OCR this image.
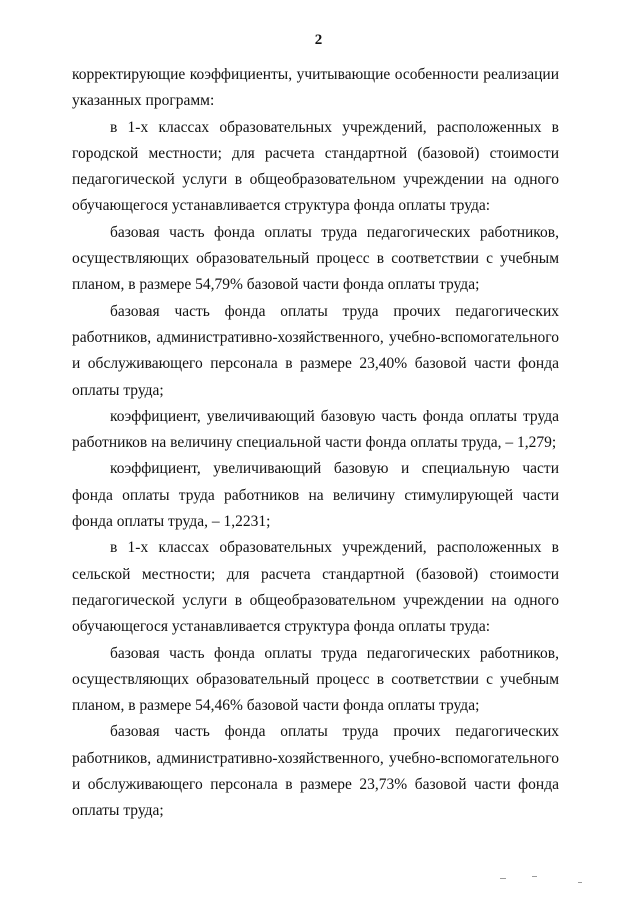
2

корректирующие коэффициенты, учитывающие особенности реализации указанных программ:

в 1-х классах образовательных учреждений, расположенных в городской местности; для расчета стандартной (базовой) стоимости педагогической услуги в общеобразовательном учреждении на одного обучающегося устанавливается структура фонда оплаты труда:

базовая часть фонда оплаты труда педагогических работников, осуществляющих образовательный процесс в соответствии с учебным планом, в размере 54,79% базовой части фонда оплаты труда;

базовая часть фонда оплаты труда прочих педагогических работников, административно-хозяйственного, учебно-вспомогательного и обслуживающего персонала в размере 23,40% базовой части фонда оплаты труда;

коэффициент, увеличивающий базовую часть фонда оплаты труда работников на величину специальной части фонда оплаты труда, – 1,279;

коэффициент, увеличивающий базовую и специальную части фонда оплаты труда работников на величину стимулирующей части фонда оплаты труда, – 1,2231;

в 1-х классах образовательных учреждений, расположенных в сельской местности; для расчета стандартной (базовой) стоимости педагогической услуги в общеобразовательном учреждении на одного обучающегося устанавливается структура фонда оплаты труда:

базовая часть фонда оплаты труда педагогических работников, осуществляющих образовательный процесс в соответствии с учебным планом, в размере 54,46% базовой части фонда оплаты труда;

базовая часть фонда оплаты труда прочих педагогических работников, административно-хозяйственного, учебно-вспомогательного и обслуживающего персонала в размере 23,73% базовой части фонда оплаты труда;
